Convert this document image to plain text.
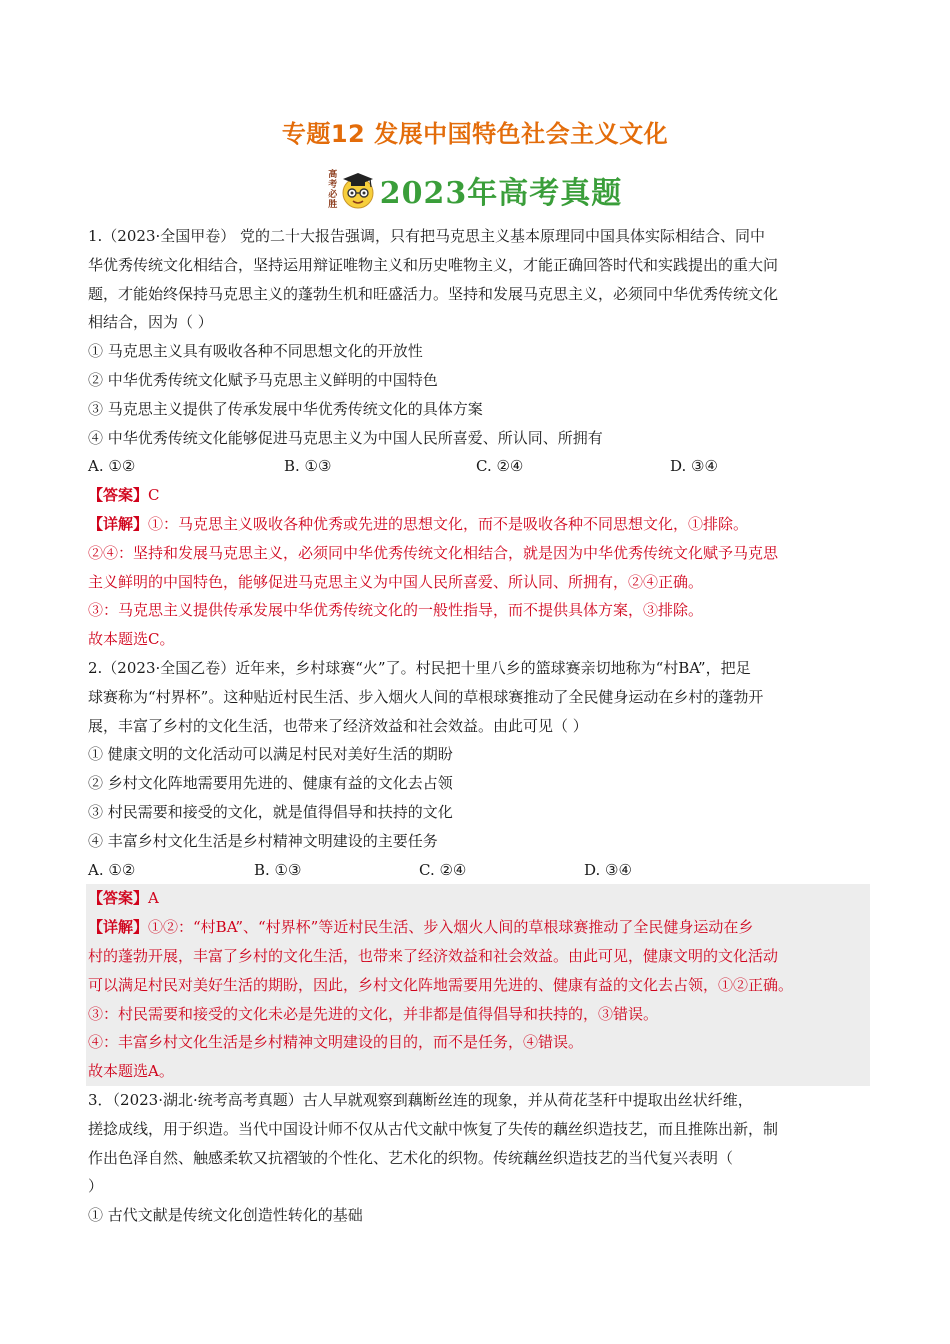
专题12 发展中国特色社会主义文化
高考必胜 2023年高考真题
1.（2023·全国甲卷） 党的二十大报告强调，只有把马克思主义基本原理同中国具体实际相结合、同中
华优秀传统文化相结合，坚持运用辩证唯物主义和历史唯物主义，才能正确回答时代和实践提出的重大问
题，才能始终保持马克思主义的蓬勃生机和旺盛活力。坚持和发展马克思主义，必须同中华优秀传统文化
相结合，因为（ ）
① 马克思主义具有吸收各种不同思想文化的开放性
② 中华优秀传统文化赋予马克思主义鲜明的中国特色
③ 马克思主义提供了传承发展中华优秀传统文化的具体方案
④ 中华优秀传统文化能够促进马克思主义为中国人民所喜爱、所认同、所拥有
A. ①②	B. ①③	C. ②④	D. ③④
【答案】C
【详解】①：马克思主义吸收各种优秀或先进的思想文化，而不是吸收各种不同思想文化，①排除。
②④：坚持和发展马克思主义，必须同中华优秀传统文化相结合，就是因为中华优秀传统文化赋予马克思
主义鲜明的中国特色，能够促进马克思主义为中国人民所喜爱、所认同、所拥有，②④正确。
③：马克思主义提供传承发展中华优秀传统文化的一般性指导，而不提供具体方案，③排除。
故本题选C。
2.（2023·全国乙卷）近年来，乡村球赛“火”了。村民把十里八乡的篮球赛亲切地称为“村BA”，把足
球赛称为“村界杯”。这种贴近村民生活、步入烟火人间的草根球赛推动了全民健身运动在乡村的蓬勃开
展，丰富了乡村的文化生活，也带来了经济效益和社会效益。由此可见（ ）
① 健康文明的文化活动可以满足村民对美好生活的期盼
② 乡村文化阵地需要用先进的、健康有益的文化去占领
③ 村民需要和接受的文化，就是值得倡导和扶持的文化
④ 丰富乡村文化生活是乡村精神文明建设的主要任务
A. ①②	B. ①③	C. ②④	D. ③④
【答案】A
【详解】①②：“村BA”、“村界杯”等近村民生活、步入烟火人间的草根球赛推动了全民健身运动在乡
村的蓬勃开展，丰富了乡村的文化生活，也带来了经济效益和社会效益。由此可见，健康文明的文化活动
可以满足村民对美好生活的期盼，因此，乡村文化阵地需要用先进的、健康有益的文化去占领，①②正确。
③：村民需要和接受的文化未必是先进的文化，并非都是值得倡导和扶持的，③错误。
④：丰富乡村文化生活是乡村精神文明建设的目的，而不是任务，④错误。
故本题选A。
3．（2023·湖北·统考高考真题）古人早就观察到藕断丝连的现象，并从荷花茎秆中提取出丝状纤维，
搓捻成线，用于织造。当代中国设计师不仅从古代文献中恢复了失传的藕丝织造技艺，而且推陈出新，制
作出色泽自然、触感柔软又抗褶皱的个性化、艺术化的织物。传统藕丝织造技艺的当代复兴表明（
）
① 古代文献是传统文化创造性转化的基础
